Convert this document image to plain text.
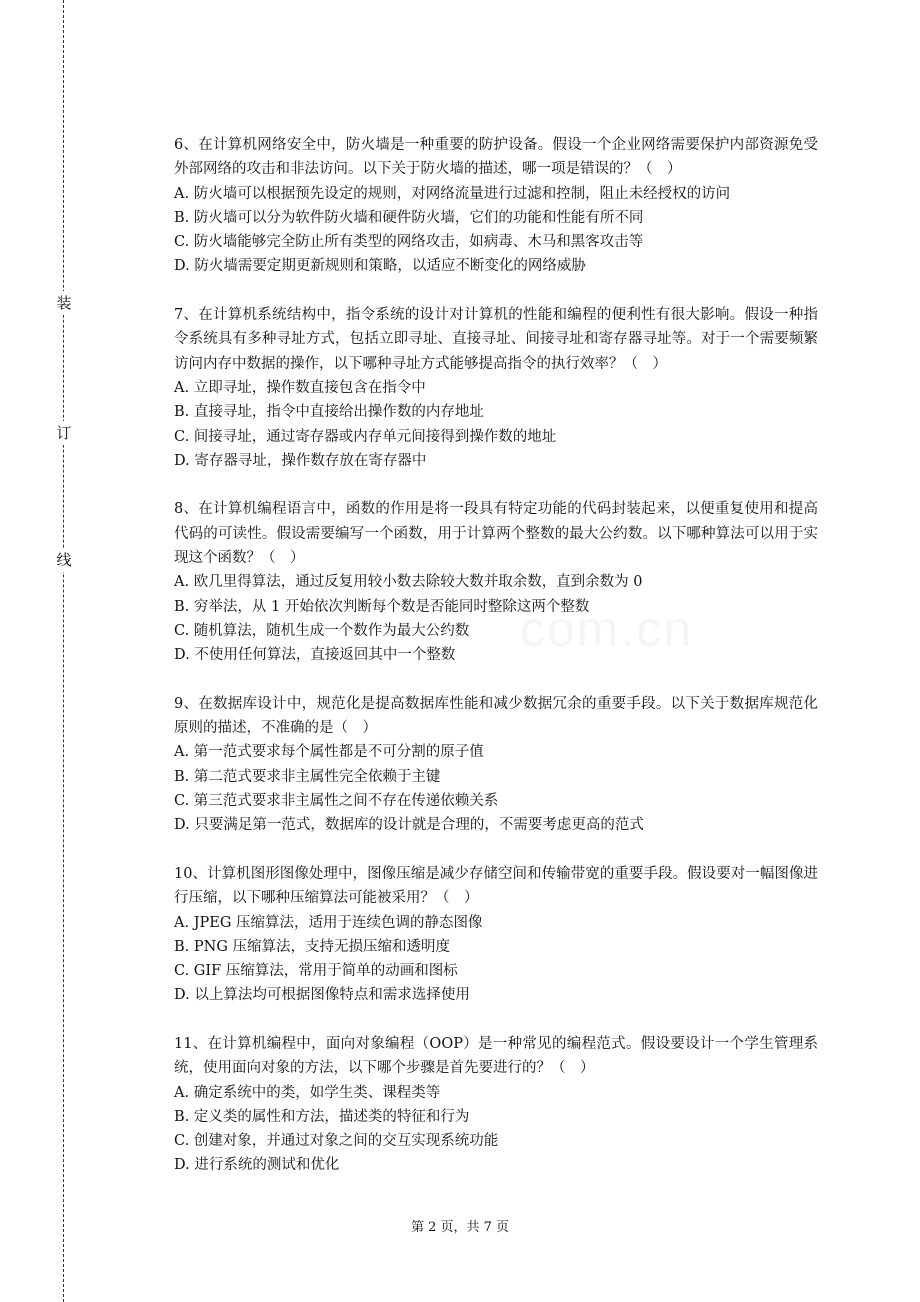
装
订
线

6、在计算机网络安全中，防火墙是一种重要的防护设备。假设一个企业网络需要保护内部资源免受外部网络的攻击和非法访问。以下关于防火墙的描述，哪一项是错误的？（　）

A. 防火墙可以根据预先设定的规则，对网络流量进行过滤和控制，阻止未经授权的访问

B. 防火墙可以分为软件防火墙和硬件防火墙，它们的功能和性能有所不同

C. 防火墙能够完全防止所有类型的网络攻击，如病毒、木马和黑客攻击等

D. 防火墙需要定期更新规则和策略，以适应不断变化的网络威胁

7、在计算机系统结构中，指令系统的设计对计算机的性能和编程的便利性有很大影响。假设一种指令系统具有多种寻址方式，包括立即寻址、直接寻址、间接寻址和寄存器寻址等。对于一个需要频繁访问内存中数据的操作，以下哪种寻址方式能够提高指令的执行效率？（　）

A. 立即寻址，操作数直接包含在指令中

B. 直接寻址，指令中直接给出操作数的内存地址

C. 间接寻址，通过寄存器或内存单元间接得到操作数的地址

D. 寄存器寻址，操作数存放在寄存器中

8、在计算机编程语言中，函数的作用是将一段具有特定功能的代码封装起来，以便重复使用和提高代码的可读性。假设需要编写一个函数，用于计算两个整数的最大公约数。以下哪种算法可以用于实现这个函数？（　）

A. 欧几里得算法，通过反复用较小数去除较大数并取余数，直到余数为 0

B. 穷举法，从 1 开始依次判断每个数是否能同时整除这两个整数

C. 随机算法，随机生成一个数作为最大公约数

D. 不使用任何算法，直接返回其中一个整数

9、在数据库设计中，规范化是提高数据库性能和减少数据冗余的重要手段。以下关于数据库规范化原则的描述，不准确的是（　）

A. 第一范式要求每个属性都是不可分割的原子值

B. 第二范式要求非主属性完全依赖于主键

C. 第三范式要求非主属性之间不存在传递依赖关系

D. 只要满足第一范式，数据库的设计就是合理的，不需要考虑更高的范式

10、计算机图形图像处理中，图像压缩是减少存储空间和传输带宽的重要手段。假设要对一幅图像进行压缩，以下哪种压缩算法可能被采用？（　）

A. JPEG 压缩算法，适用于连续色调的静态图像

B. PNG 压缩算法，支持无损压缩和透明度

C. GIF 压缩算法，常用于简单的动画和图标

D. 以上算法均可根据图像特点和需求选择使用

11、在计算机编程中，面向对象编程（OOP）是一种常见的编程范式。假设要设计一个学生管理系统，使用面向对象的方法，以下哪个步骤是首先要进行的？（　）

A. 确定系统中的类，如学生类、课程类等

B. 定义类的属性和方法，描述类的特征和行为

C. 创建对象，并通过对象之间的交互实现系统功能

D. 进行系统的测试和优化

第 2 页，共 7 页
